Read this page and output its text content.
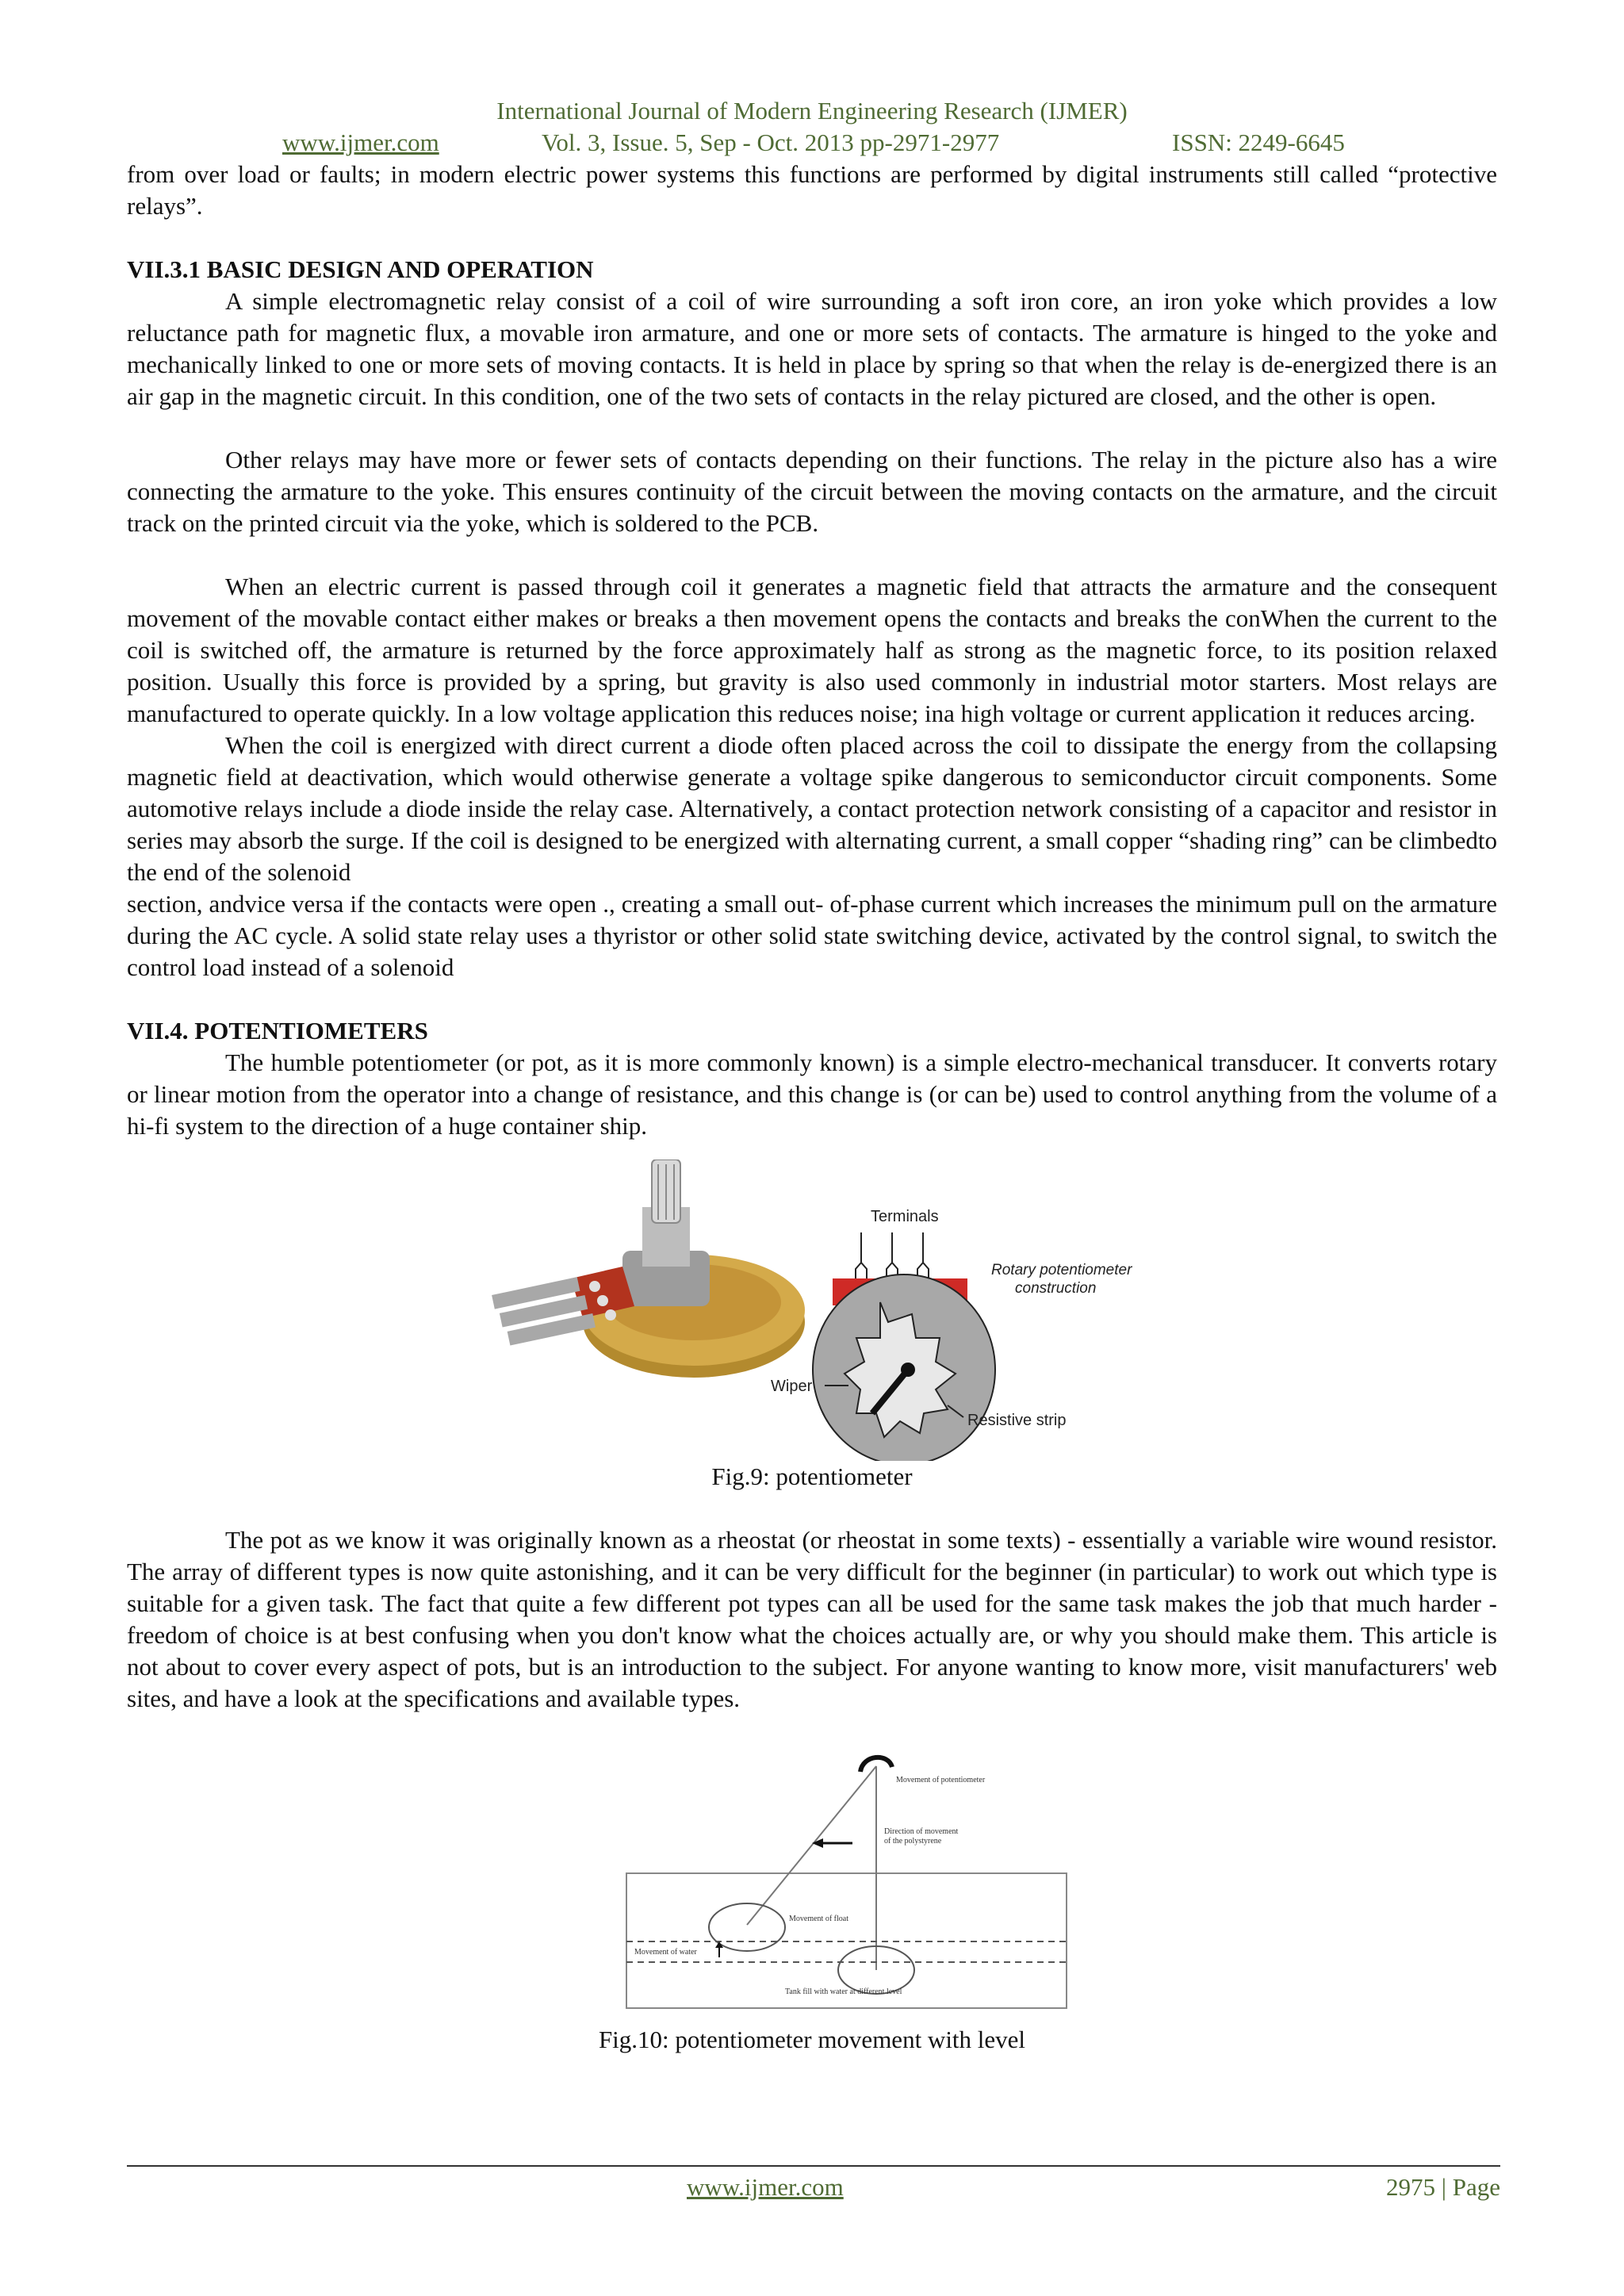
International Journal of Modern Engineering Research (IJMER)
www.ijmer.com	Vol. 3, Issue. 5, Sep - Oct. 2013 pp-2971-2977	ISSN: 2249-6645

from over load or faults; in modern electric power systems this functions are performed by digital instruments still called “protective relays”.

VII.3.1 BASIC DESIGN AND OPERATION

A simple electromagnetic relay consist of a coil of wire surrounding a soft iron core, an iron yoke which provides a low reluctance path for magnetic flux, a movable iron armature, and one or more sets of contacts. The armature is hinged to the yoke and mechanically linked to one or more sets of moving contacts. It is held in place by spring so that when the relay is de-energized there is an air gap in the magnetic circuit. In this condition, one of the two sets of contacts in the relay pictured are closed, and the other is open.

Other relays may have more or fewer sets of contacts depending on their functions. The relay in the picture also has a wire connecting the armature to the yoke. This ensures continuity of the circuit between the moving contacts on the armature, and the circuit track on the printed circuit via the yoke, which is soldered to the PCB.

When an electric current is passed through coil it generates a magnetic field that attracts the armature and the consequent movement of the movable contact either makes or breaks a then movement opens the contacts and breaks the conWhen the current to the coil is switched off, the armature is returned by the force approximately half as strong as the magnetic force, to its position relaxed position. Usually this force is provided by a spring, but gravity is also used commonly in industrial motor starters. Most relays are manufactured to operate quickly. In a low voltage application this reduces noise; ina high voltage or current application it reduces arcing.

When the coil is energized with direct current a diode often placed across the coil to dissipate the energy from the collapsing magnetic field at deactivation, which would otherwise generate a voltage spike dangerous to semiconductor circuit components. Some automotive relays include a diode inside the relay case. Alternatively, a contact protection network consisting of a capacitor and resistor in series may absorb the surge. If the coil is designed to be energized with alternating current, a small copper “shading ring” can be climbedto the end of the solenoid

section, andvice versa if the contacts were open ., creating a small out- of-phase current which increases the minimum pull on the armature during the AC cycle. A solid state relay uses a thyristor or other solid state switching device, activated by the control signal, to switch the control load instead of a solenoid

VII.4. POTENTIOMETERS

The humble potentiometer (or pot, as it is more commonly known) is a simple electro-mechanical transducer. It converts rotary or linear motion from the operator into a change of resistance, and this change is (or can be) used to control anything from the volume of a hi-fi system to the direction of a huge container ship.

Terminals
Rotary potentiometer
construction
Wiper
Resistive strip
Fig.9: potentiometer

The pot as we know it was originally known as a rheostat (or rheostat in some texts) - essentially a variable wire wound resistor. The array of different types is now quite astonishing, and it can be very difficult for the beginner (in particular) to work out which type is suitable for a given task. The fact that quite a few different pot types can all be used for the same task makes the job that much harder - freedom of choice is at best confusing when you don't know what the choices actually are, or why you should make them. This article is not about to cover every aspect of pots, but is an introduction to the subject. For anyone wanting to know more, visit manufacturers' web sites, and have a look at the specifications and available types.

Movement of potentiometer
Direction of movement
of the polystyrene
Movement of float
Movement of water
Tank fill with water at different level
Fig.10: potentiometer movement with level
www.ijmer.com	2975 | Page
